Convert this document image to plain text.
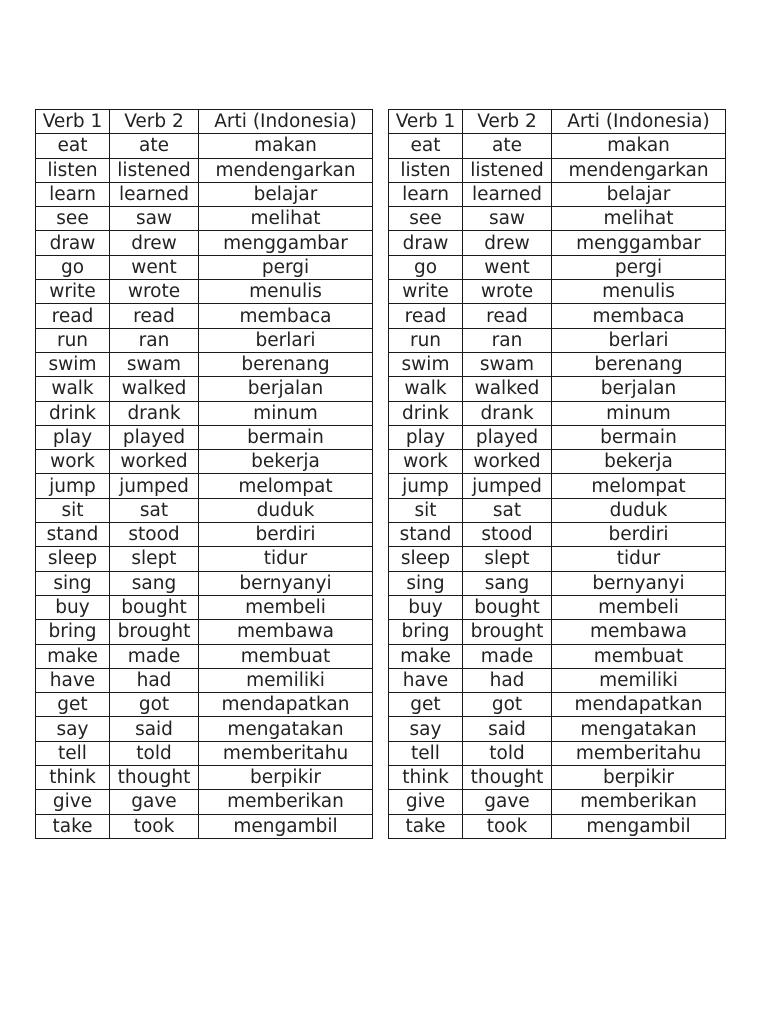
Verb 1	Verb 2	Arti (Indonesia)
eat	ate	makan
listen	listened	mendengarkan
learn	learned	belajar
see	saw	melihat
draw	drew	menggambar
go	went	pergi
write	wrote	menulis
read	read	membaca
run	ran	berlari
swim	swam	berenang
walk	walked	berjalan
drink	drank	minum
play	played	bermain
work	worked	bekerja
jump	jumped	melompat
sit	sat	duduk
stand	stood	berdiri
sleep	slept	tidur
sing	sang	bernyanyi
buy	bought	membeli
bring	brought	membawa
make	made	membuat
have	had	memiliki
get	got	mendapatkan
say	said	mengatakan
tell	told	memberitahu
think	thought	berpikir
give	gave	memberikan
take	took	mengambil
Verb 1	Verb 2	Arti (Indonesia)
eat	ate	makan
listen	listened	mendengarkan
learn	learned	belajar
see	saw	melihat
draw	drew	menggambar
go	went	pergi
write	wrote	menulis
read	read	membaca
run	ran	berlari
swim	swam	berenang
walk	walked	berjalan
drink	drank	minum
play	played	bermain
work	worked	bekerja
jump	jumped	melompat
sit	sat	duduk
stand	stood	berdiri
sleep	slept	tidur
sing	sang	bernyanyi
buy	bought	membeli
bring	brought	membawa
make	made	membuat
have	had	memiliki
get	got	mendapatkan
say	said	mengatakan
tell	told	memberitahu
think	thought	berpikir
give	gave	memberikan
take	took	mengambil
